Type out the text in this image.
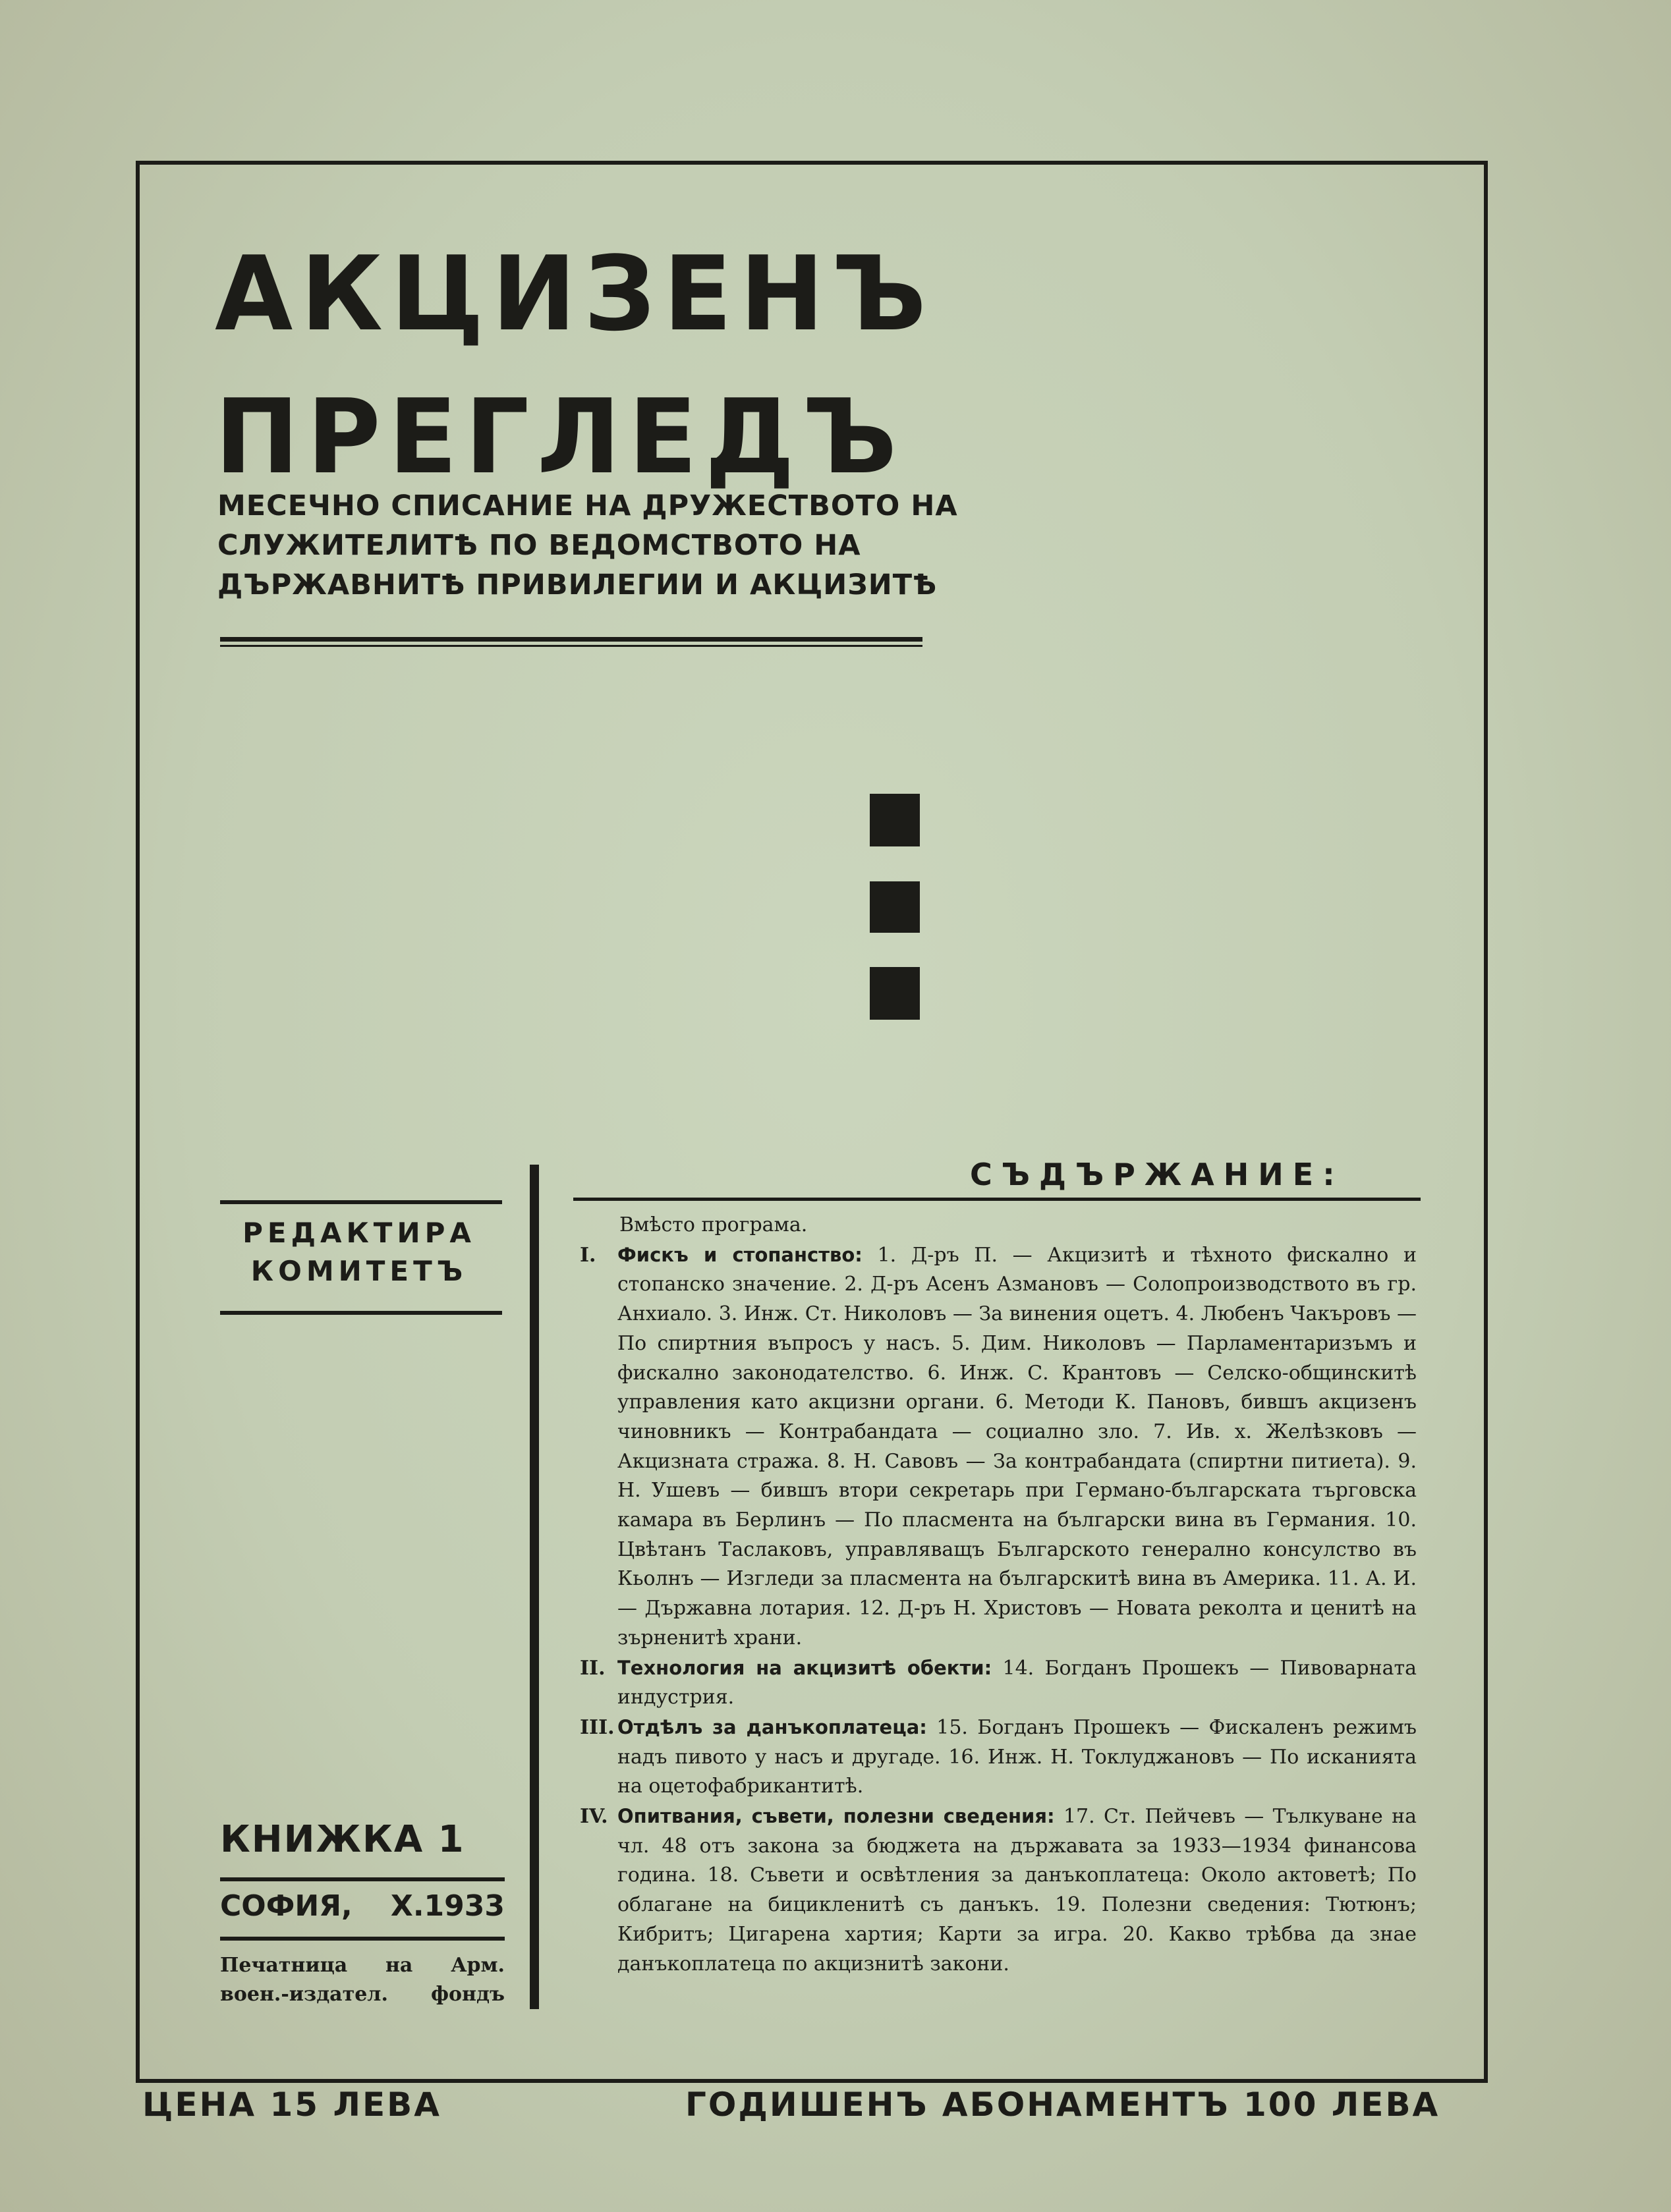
АКЦИЗЕНЪ
ПРЕГЛЕДЪ
МЕСЕЧНО СПИСАНИЕ НА ДРУЖЕСТВОТО НА
СЛУЖИТЕЛИТѢ ПО ВЕДОМСТВОТО НА
ДЪРЖАВНИТѢ ПРИВИЛЕГИИ И АКЦИЗИТѢ
СЪДЪРЖАНИЕ:
РЕДАКТИРА
КОМИТЕТЪ
КНИЖКА 1
СОФИЯ, X.1933
Печатница на Арм.
воен.-издател. фондъ

Вмѣсто програма.

I. Фискъ и стопанство: 1. Д-ръ П. — Акцизитѣ и тѣхното фискално и стопанско значение. 2. Д-ръ Асенъ Азмановъ — Солопроизводството въ гр. Анхиало. 3. Инж. Ст. Николовъ — За винения оцетъ. 4. Любенъ Чакъровъ — По спиртния въпросъ у насъ. 5. Дим. Николовъ — Парламентаризъмъ и фискално законодателство. 6. Инж. С. Крантовъ — Селско-общинскитѣ управления като акцизни органи. 6. Методи К. Пановъ, бившъ акцизенъ чиновникъ — Контрабандата — социално зло. 7. Ив. х. Желѣзковъ — Акцизната стража. 8. Н. Савовъ — За контрабандата (спиртни питиета). 9. Н. Ушевъ — бившъ втори секретарь при Германо-българската търговска камара въ Берлинъ — По пласмента на български вина въ Германия. 10. Цвѣтанъ Таслаковъ, управляващъ Българското генерално консулство въ Кьолнъ — Изгледи за пласмента на българскитѣ вина въ Америка. 11. А. И. — Държавна лотария. 12. Д-ръ Н. Христовъ — Новата реколта и ценитѣ на зърненитѣ храни.

II. Технология на акцизитѣ обекти: 14. Богданъ Прошекъ — Пивоварната индустрия.

III. Отдѣлъ за данъкоплатеца: 15. Богданъ Прошекъ — Фискаленъ режимъ надъ пивото у насъ и другаде. 16. Инж. Н. Токлуджановъ — По исканията на оцетофабрикантитѣ.

IV. Опитвания, съвети, полезни сведения: 17. Ст. Пейчевъ — Тълкуване на чл. 48 отъ закона за бюджета на държавата за 1933—1934 финансова година. 18. Съвети и освѣтления за данъкоплатеца: Около актоветѣ; По облагане на бицикленитѣ съ данъкъ. 19. Полезни сведения: Тютюнъ; Кибритъ; Цигарена хартия; Карти за игра. 20. Какво трѣбва да знае данъкоплатеца по акцизнитѣ закони.

ЦЕНА 15 ЛЕВА	ГОДИШЕНЪ АБОНАМЕНТЪ 100 ЛЕВА
